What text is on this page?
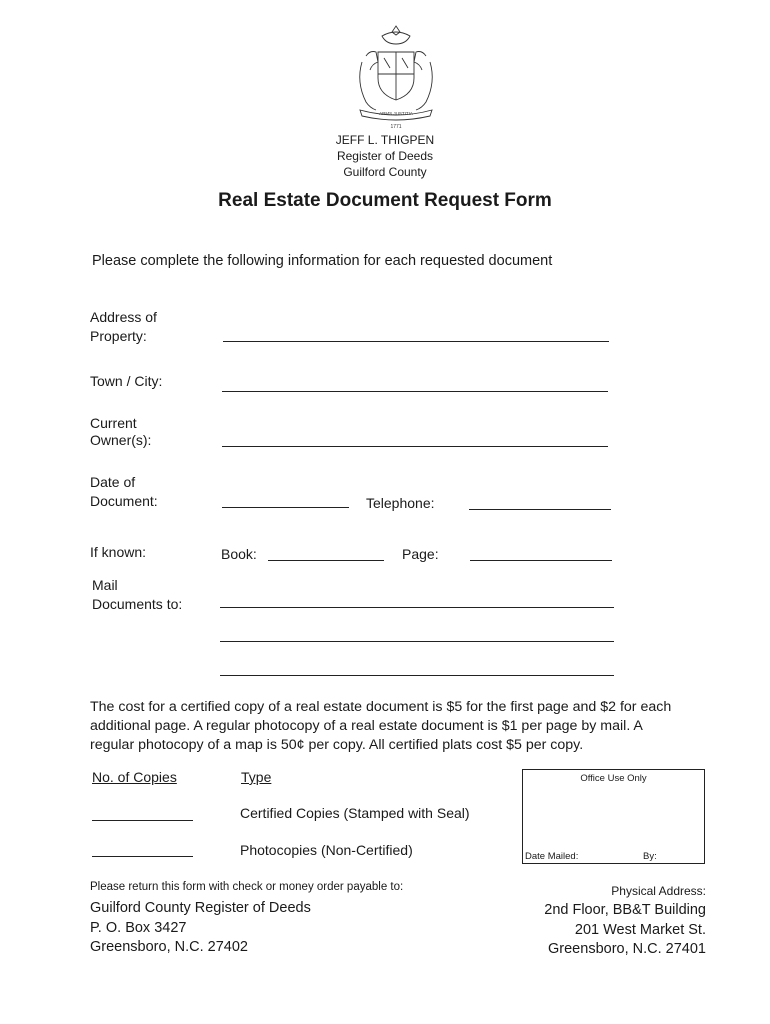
ARMS JUSTITIA
1771
JEFF L. THIGPEN
Register of Deeds
Guilford County
Real Estate Document Request Form
Please complete the following information for each requested document
Address of
Property:
Town / City:
Current
Owner(s):
Date of
Document:	Telephone:
If known:	Book:	Page:
Mail
Documents to:
The cost for a certified copy of a real estate document is $5 for the first page and $2 for each additional page. A regular photocopy of a real estate document is $1 per page by mail. A regular photocopy of a map is 50¢ per copy. All certified plats cost $5 per copy.
No. of Copies	Type
Certified Copies (Stamped with Seal)
Photocopies (Non-Certified)
Office Use Only
Date Mailed:	By:
Please return this form with check or money order payable to:
Guilford County Register of Deeds
P. O. Box 3427
Greensboro, N.C. 27402
Physical Address:
2nd Floor, BB&T Building
201 West Market St.
Greensboro, N.C. 27401
